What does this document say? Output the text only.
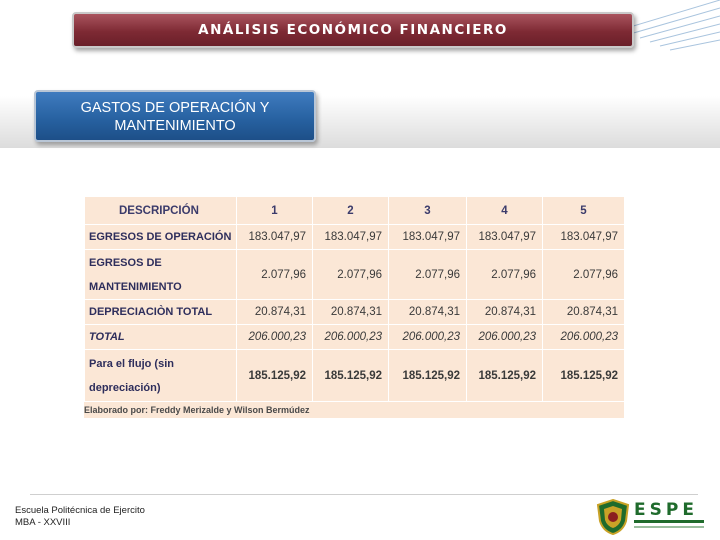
ANÁLISIS ECONÓMICO FINANCIERO
GASTOS DE OPERACIÓN Y
MANTENIMIENTO
DESCRIPCIÓN	1	2	3	4	5
EGRESOS DE OPERACIÓN	183.047,97	183.047,97	183.047,97	183.047,97	183.047,97

EGRESOS DE
MANTENIMIENTO	2.077,96	2.077,96	2.077,96	2.077,96	2.077,96
DEPRECIACIÒN TOTAL	20.874,31	20.874,31	20.874,31	20.874,31	20.874,31
TOTAL	206.000,23	206.000,23	206.000,23	206.000,23	206.000,23

Para el flujo (sin
depreciación)	185.125,92	185.125,92	185.125,92	185.125,92	185.125,92
Elaborado por: Freddy Merizalde y Wilson Bermúdez
Escuela Politécnica de Ejercito
MBA - XXVIII
ESPE
